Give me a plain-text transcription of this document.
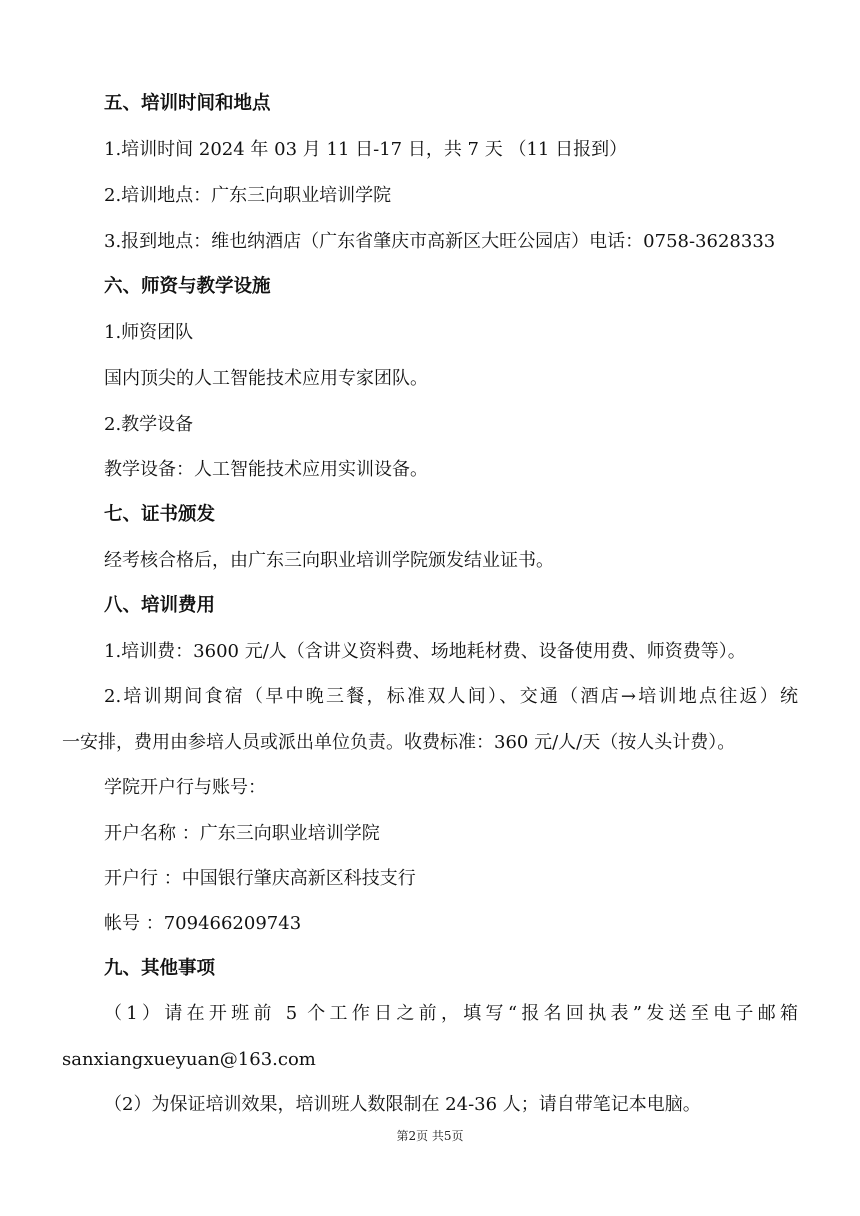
五、培训时间和地点

1.培训时间 2024 年 03 月 11 日-17 日，共 7 天 （11 日报到）

2.培训地点：广东三向职业培训学院

3.报到地点：维也纳酒店（广东省肇庆市高新区大旺公园店）电话：0758-3628333

六、师资与教学设施

1.师资团队

国内顶尖的人工智能技术应用专家团队。

2.教学设备

教学设备：人工智能技术应用实训设备。

七、证书颁发

经考核合格后，由广东三向职业培训学院颁发结业证书。

八、培训费用

1.培训费：3600 元/人（含讲义资料费、场地耗材费、设备使用费、师资费等）。

2.培训期间食宿（早中晚三餐，标准双人间）、交通（酒店→培训地点往返）统

一安排，费用由参培人员或派出单位负责。收费标准：360 元/人/天（按人头计费）。

学院开户行与账号：

开户名称 ：广东三向职业培训学院

开户行 ：中国银行肇庆高新区科技支行

帐号 ：709466209743

九、其他事项

（1）请在开班前 5 个工作日之前，填写“报名回执表”发送至电子邮箱

sanxiangxueyuan@163.com

（2）为保证培训效果，培训班人数限制在 24-36 人；请自带笔记本电脑。

第2页 共5页
